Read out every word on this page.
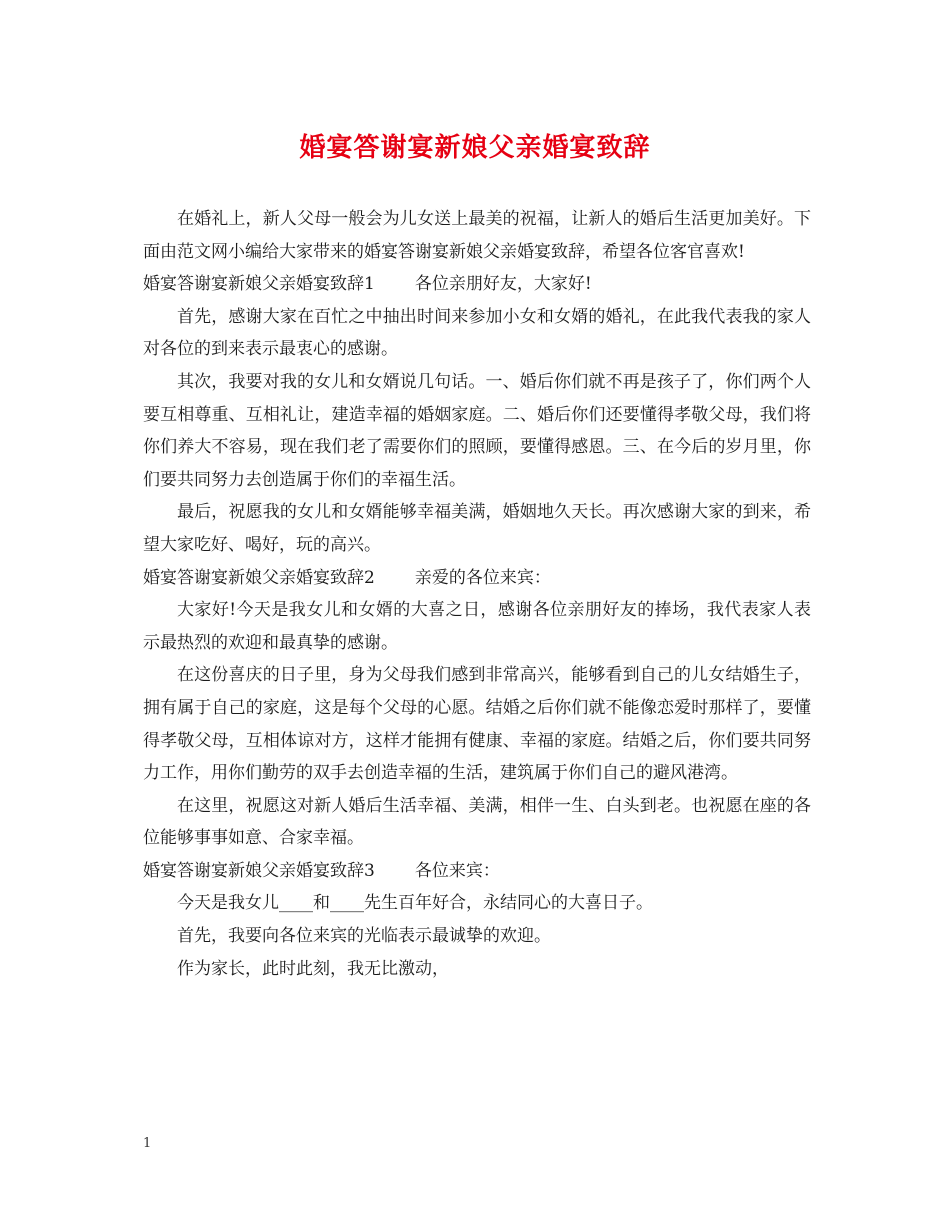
婚宴答谢宴新娘父亲婚宴致辞

在婚礼上，新人父母一般会为儿女送上最美的祝福，让新人的婚后生活更加美好。下面由范文网小编给大家带来的婚宴答谢宴新娘父亲婚宴致辞，希望各位客官喜欢!

婚宴答谢宴新娘父亲婚宴致辞1 各位亲朋好友，大家好!

首先，感谢大家在百忙之中抽出时间来参加小女和女婿的婚礼，在此我代表我的家人对各位的到来表示最衷心的感谢。

其次，我要对我的女儿和女婿说几句话。一、婚后你们就不再是孩子了，你们两个人要互相尊重、互相礼让，建造幸福的婚姻家庭。二、婚后你们还要懂得孝敬父母，我们将你们养大不容易，现在我们老了需要你们的照顾，要懂得感恩。三、在今后的岁月里，你们要共同努力去创造属于你们的幸福生活。

最后，祝愿我的女儿和女婿能够幸福美满，婚姻地久天长。再次感谢大家的到来，希望大家吃好、喝好，玩的高兴。

婚宴答谢宴新娘父亲婚宴致辞2 亲爱的各位来宾：

大家好!今天是我女儿和女婿的大喜之日，感谢各位亲朋好友的捧场，我代表家人表示最热烈的欢迎和最真挚的感谢。

在这份喜庆的日子里，身为父母我们感到非常高兴，能够看到自己的儿女结婚生子，拥有属于自己的家庭，这是每个父母的心愿。结婚之后你们就不能像恋爱时那样了，要懂得孝敬父母，互相体谅对方，这样才能拥有健康、幸福的家庭。结婚之后，你们要共同努力工作，用你们勤劳的双手去创造幸福的生活，建筑属于你们自己的避风港湾。

在这里，祝愿这对新人婚后生活幸福、美满，相伴一生、白头到老。也祝愿在座的各位能够事事如意、合家幸福。

婚宴答谢宴新娘父亲婚宴致辞3 各位来宾：

今天是我女儿____和____先生百年好合，永结同心的大喜日子。

首先，我要向各位来宾的光临表示最诚挚的欢迎。

作为家长，此时此刻，我无比激动，

1
